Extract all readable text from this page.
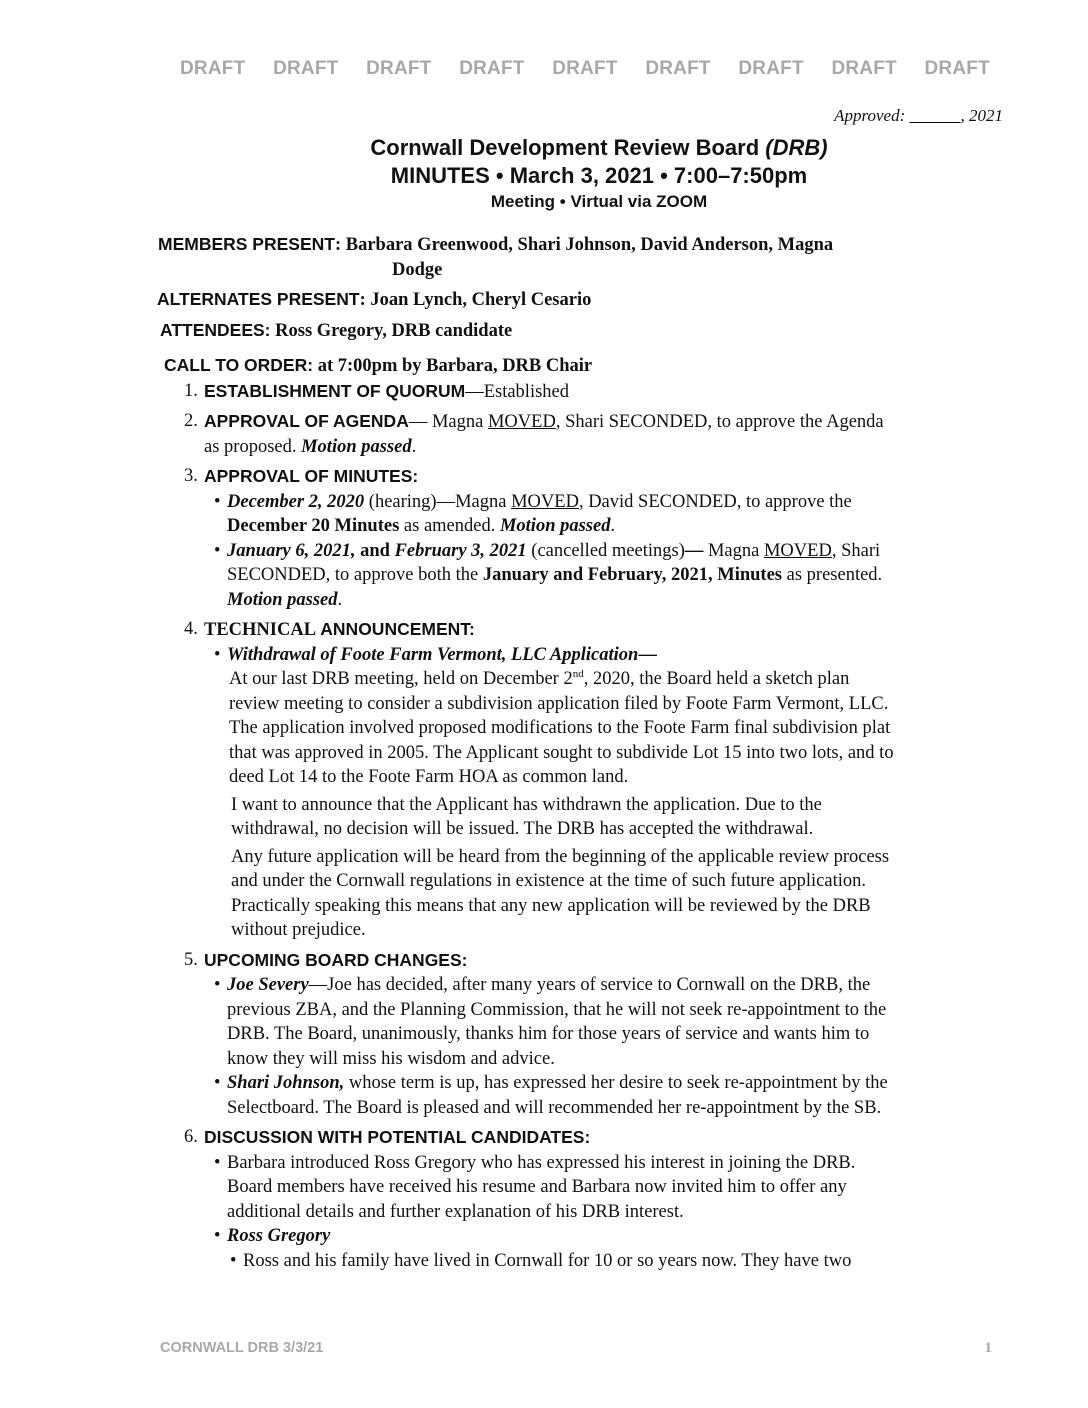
DRAFT DRAFT DRAFT DRAFT DRAFT DRAFT DRAFT DRAFT DRAFT
Approved: ______, 2021
Cornwall Development Review Board (DRB)
MINUTES • March 3, 2021 • 7:00–7:50pm
Meeting • Virtual via ZOOM
MEMBERS PRESENT: Barbara Greenwood, Shari Johnson, David Anderson, Magna
Dodge
ALTERNATES PRESENT: Joan Lynch, Cheryl Cesario
ATTENDEES: Ross Gregory, DRB candidate
CALL TO ORDER: at 7:00pm by Barbara, DRB Chair
1. ESTABLISHMENT OF QUORUM—Established
2. APPROVAL OF AGENDA— Magna MOVED, Shari SECONDED, to approve the Agenda
as proposed. Motion passed.
3. APPROVAL OF MINUTES:
• December 2, 2020 (hearing)—Magna MOVED, David SECONDED, to approve the
December 20 Minutes as amended. Motion passed.
• January 6, 2021, and February 3, 2021 (cancelled meetings)— Magna MOVED, Shari
SECONDED, to approve both the January and February, 2021, Minutes as presented.
Motion passed.
4. TECHNICAL ANNOUNCEMENT:
• Withdrawal of Foote Farm Vermont, LLC Application—
At our last DRB meeting, held on December 2nd, 2020, the Board held a sketch plan
review meeting to consider a subdivision application filed by Foote Farm Vermont, LLC.
The application involved proposed modifications to the Foote Farm final subdivision plat
that was approved in 2005. The Applicant sought to subdivide Lot 15 into two lots, and to
deed Lot 14 to the Foote Farm HOA as common land.
I want to announce that the Applicant has withdrawn the application. Due to the
withdrawal, no decision will be issued. The DRB has accepted the withdrawal.
Any future application will be heard from the beginning of the applicable review process
and under the Cornwall regulations in existence at the time of such future application.
Practically speaking this means that any new application will be reviewed by the DRB
without prejudice.
5. UPCOMING BOARD CHANGES:
• Joe Severy—Joe has decided, after many years of service to Cornwall on the DRB, the
previous ZBA, and the Planning Commission, that he will not seek re-appointment to the
DRB. The Board, unanimously, thanks him for those years of service and wants him to
know they will miss his wisdom and advice.
• Shari Johnson, whose term is up, has expressed her desire to seek re-appointment by the
Selectboard. The Board is pleased and will recommended her re-appointment by the SB.
6. DISCUSSION WITH POTENTIAL CANDIDATES:
• Barbara introduced Ross Gregory who has expressed his interest in joining the DRB.
Board members have received his resume and Barbara now invited him to offer any
additional details and further explanation of his DRB interest.
• Ross Gregory
• Ross and his family have lived in Cornwall for 10 or so years now. They have two
CORNWALL DRB 3/3/21	1
